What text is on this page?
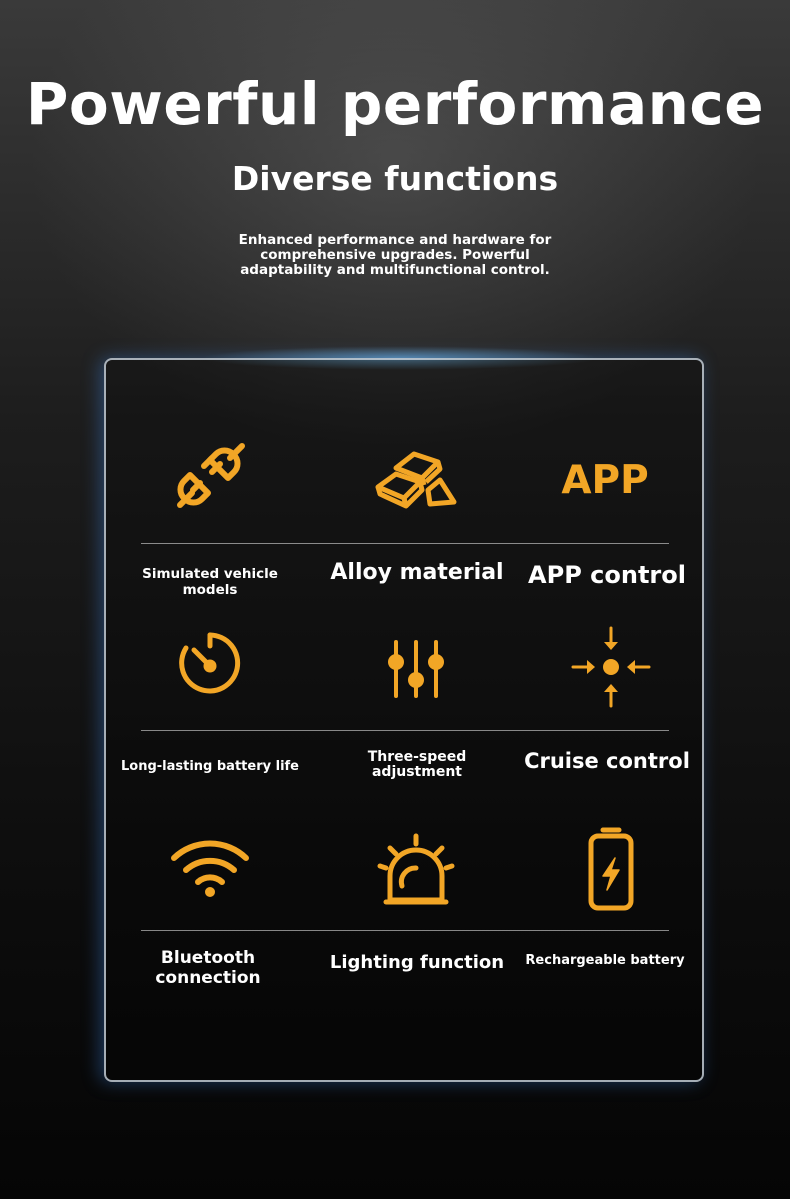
Powerful performance
Diverse functions
Enhanced performance and hardware for comprehensive upgrades. Powerful adaptability and multifunctional control.
APP
Simulated vehicle models
Alloy material	APP control
Long-lasting battery life
Three-speed adjustment	Cruise control
Bluetooth connection
Lighting function	Rechargeable battery
